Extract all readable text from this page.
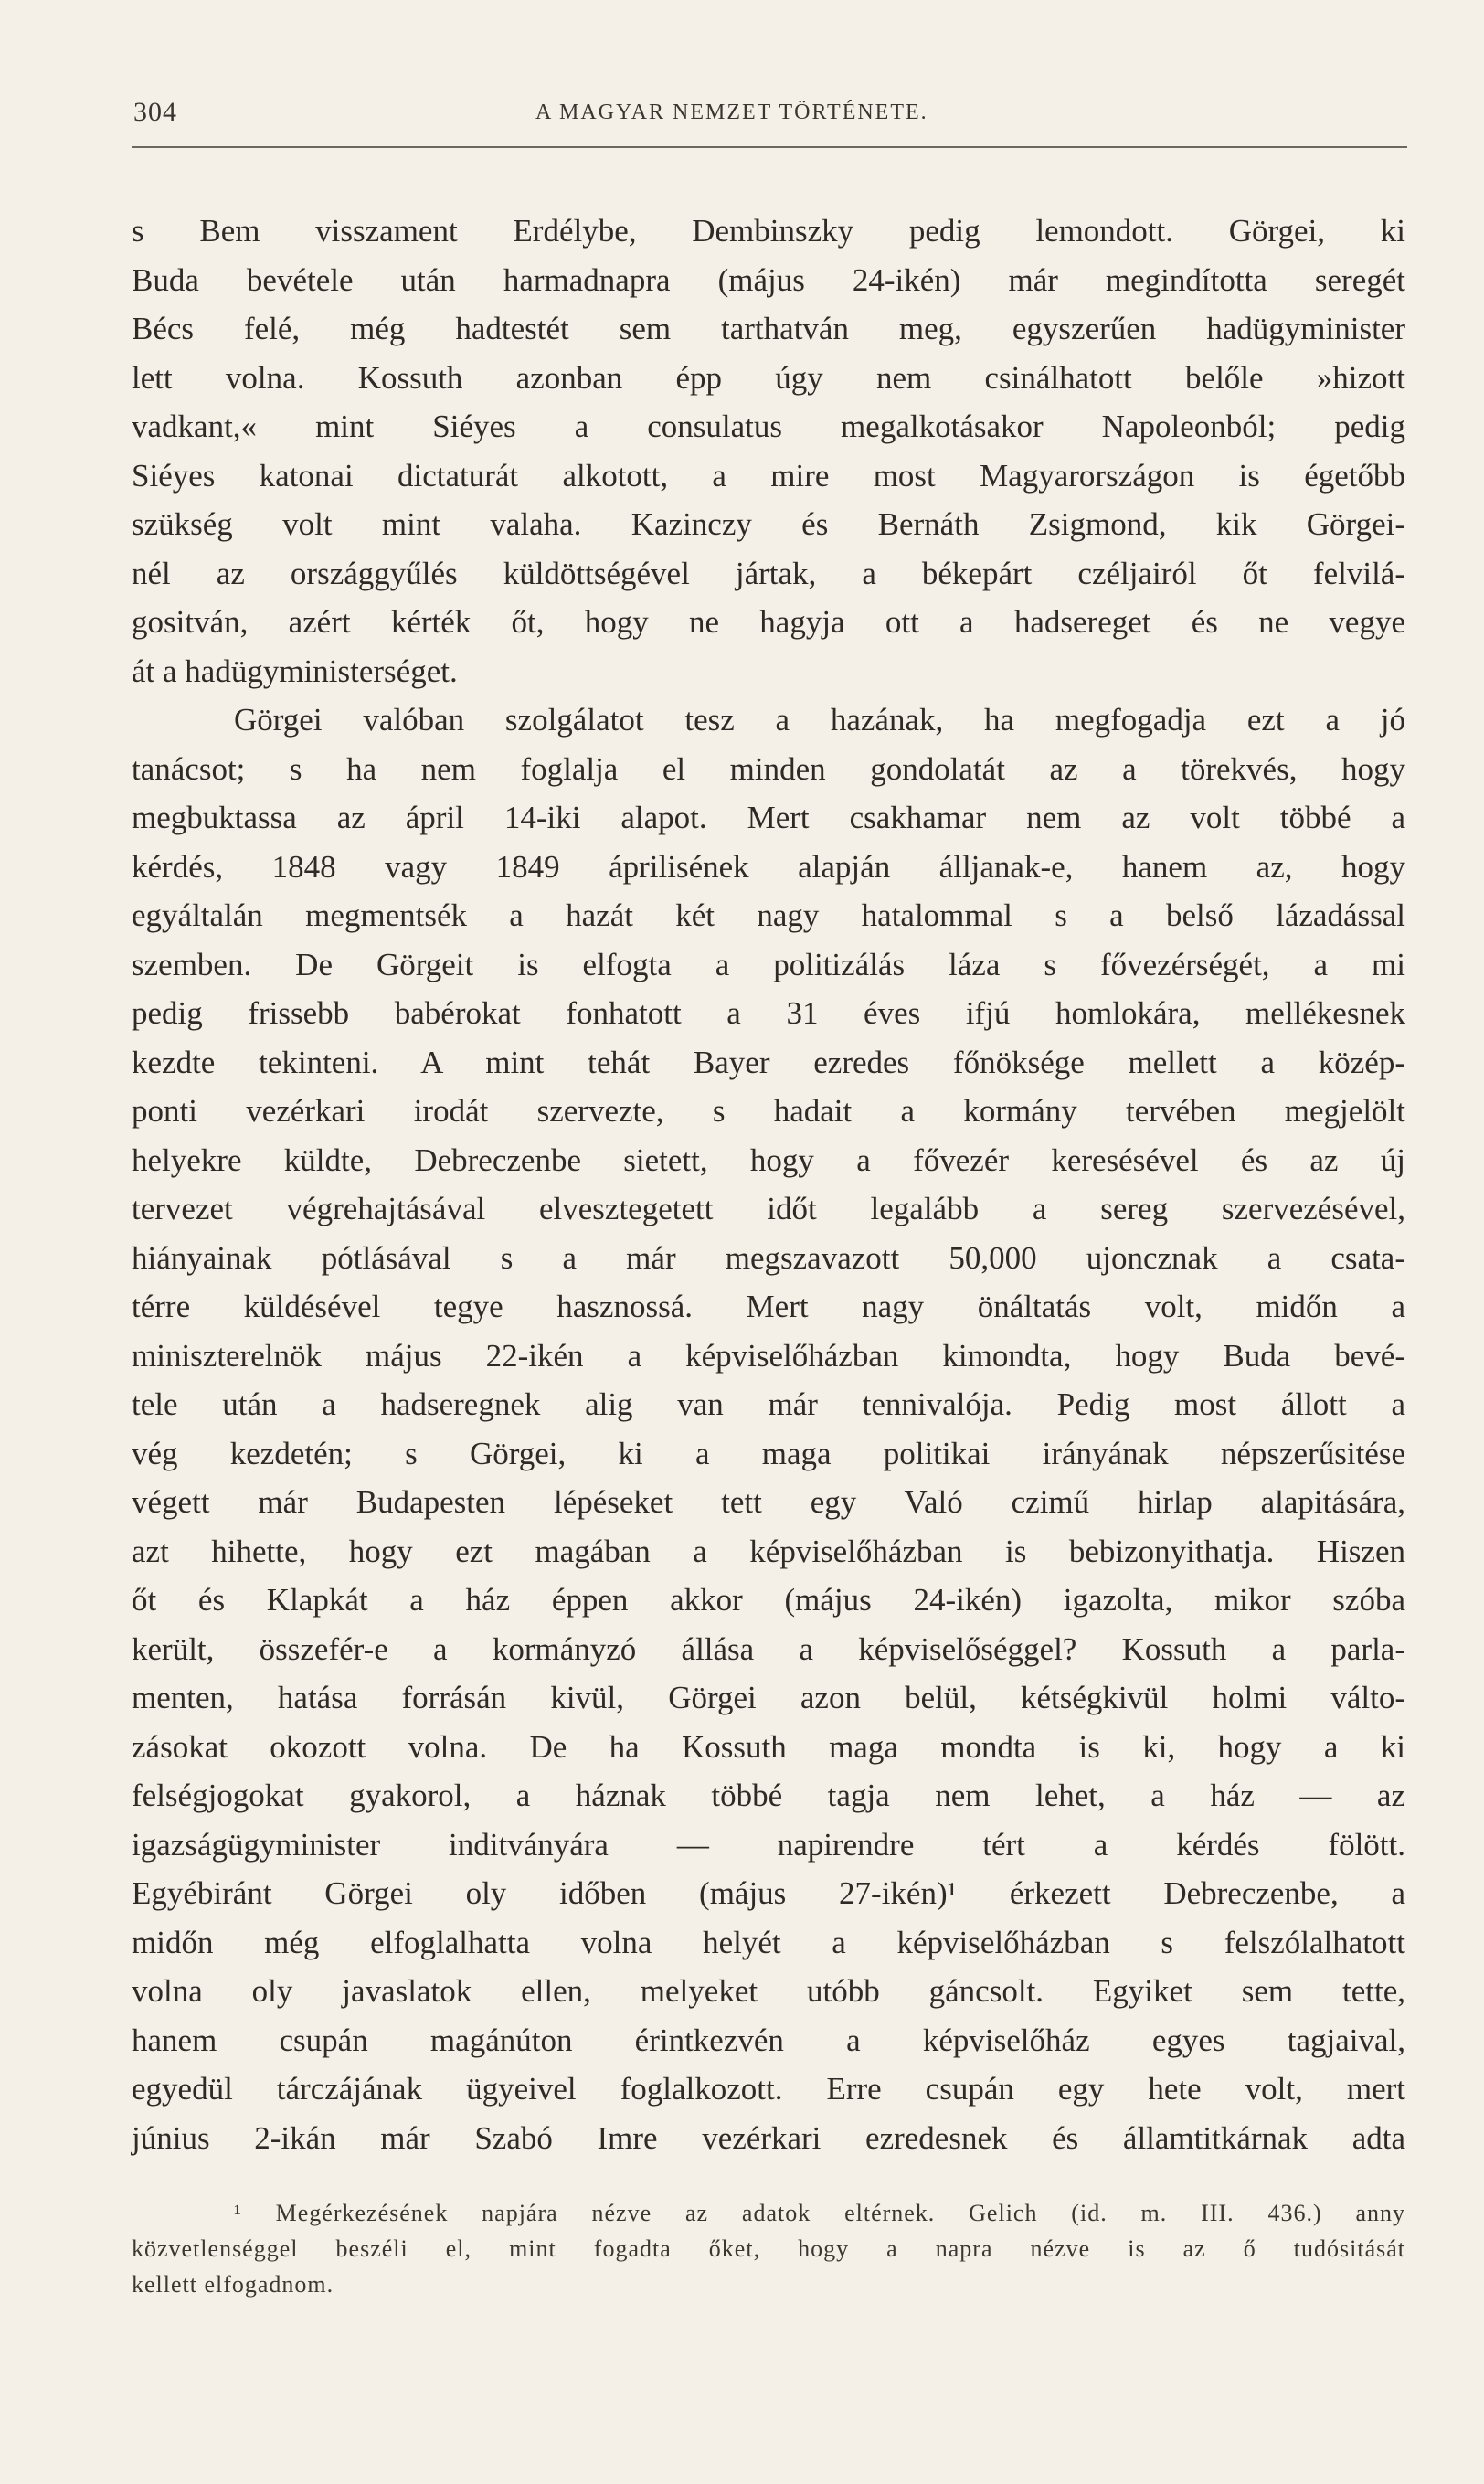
304	A MAGYAR NEMZET TÖRTÉNETE.
s Bem visszament Erdélybe, Dembinszky pedig lemondott. Görgei, ki
Buda bevétele után harmadnapra (május 24-ikén) már megindította seregét
Bécs felé, még hadtestét sem tarthatván meg, egyszerűen hadügyminister
lett volna. Kossuth azonban épp úgy nem csinálhatott belőle »hizott
vadkant,« mint Siéyes a consulatus megalkotásakor Napoleonból; pedig
Siéyes katonai dictaturát alkotott, a mire most Magyarországon is égetőbb
szükség volt mint valaha. Kazinczy és Bernáth Zsigmond, kik Görgei-
nél az országgyűlés küldöttségével jártak, a békepárt czéljairól őt felvilá-
gositván, azért kérték őt, hogy ne hagyja ott a hadsereget és ne vegye
át a hadügyministerséget.
Görgei valóban szolgálatot tesz a hazának, ha megfogadja ezt a jó
tanácsot; s ha nem foglalja el minden gondolatát az a törekvés, hogy
megbuktassa az ápril 14-iki alapot. Mert csakhamar nem az volt többé a
kérdés, 1848 vagy 1849 áprilisének alapján álljanak-e, hanem az, hogy
egyáltalán megmentsék a hazát két nagy hatalommal s a belső lázadással
szemben. De Görgeit is elfogta a politizálás láza s fővezérségét, a mi
pedig frissebb babérokat fonhatott a 31 éves ifjú homlokára, mellékesnek
kezdte tekinteni. A mint tehát Bayer ezredes főnöksége mellett a közép-
ponti vezérkari irodát szervezte, s hadait a kormány tervében megjelölt
helyekre küldte, Debreczenbe sietett, hogy a fővezér keresésével és az új
tervezet végrehajtásával elvesztegetett időt legalább a sereg szervezésével,
hiányainak pótlásával s a már megszavazott 50,000 ujoncznak a csata-
térre küldésével tegye hasznossá. Mert nagy önáltatás volt, midőn a
miniszterelnök május 22-ikén a képviselőházban kimondta, hogy Buda bevé-
tele után a hadseregnek alig van már tennivalója. Pedig most állott a
vég kezdetén; s Görgei, ki a maga politikai irányának népszerűsitése
végett már Budapesten lépéseket tett egy Való czimű hirlap alapitására,
azt hihette, hogy ezt magában a képviselőházban is bebizonyithatja. Hiszen
őt és Klapkát a ház éppen akkor (május 24-ikén) igazolta, mikor szóba
került, összefér-e a kormányzó állása a képviselőséggel? Kossuth a parla-
menten, hatása forrásán kivül, Görgei azon belül, kétségkivül holmi válto-
zásokat okozott volna. De ha Kossuth maga mondta is ki, hogy a ki
felségjogokat gyakorol, a háznak többé tagja nem lehet, a ház — az
igazságügyminister inditványára — napirendre tért a kérdés fölött.
Egyébiránt Görgei oly időben (május 27-ikén)¹ érkezett Debreczenbe, a
midőn még elfoglalhatta volna helyét a képviselőházban s felszólalhatott
volna oly javaslatok ellen, melyeket utóbb gáncsolt. Egyiket sem tette,
hanem csupán magánúton érintkezvén a képviselőház egyes tagjaival,
egyedül tárczájának ügyeivel foglalkozott. Erre csupán egy hete volt, mert
június 2-ikán már Szabó Imre vezérkari ezredesnek és államtitkárnak adta
¹ Megérkezésének napjára nézve az adatok eltérnek. Gelich (id. m. III. 436.) anny
közvetlenséggel beszéli el, mint fogadta őket, hogy a napra nézve is az ő tudósitását
kellett elfogadnom.
